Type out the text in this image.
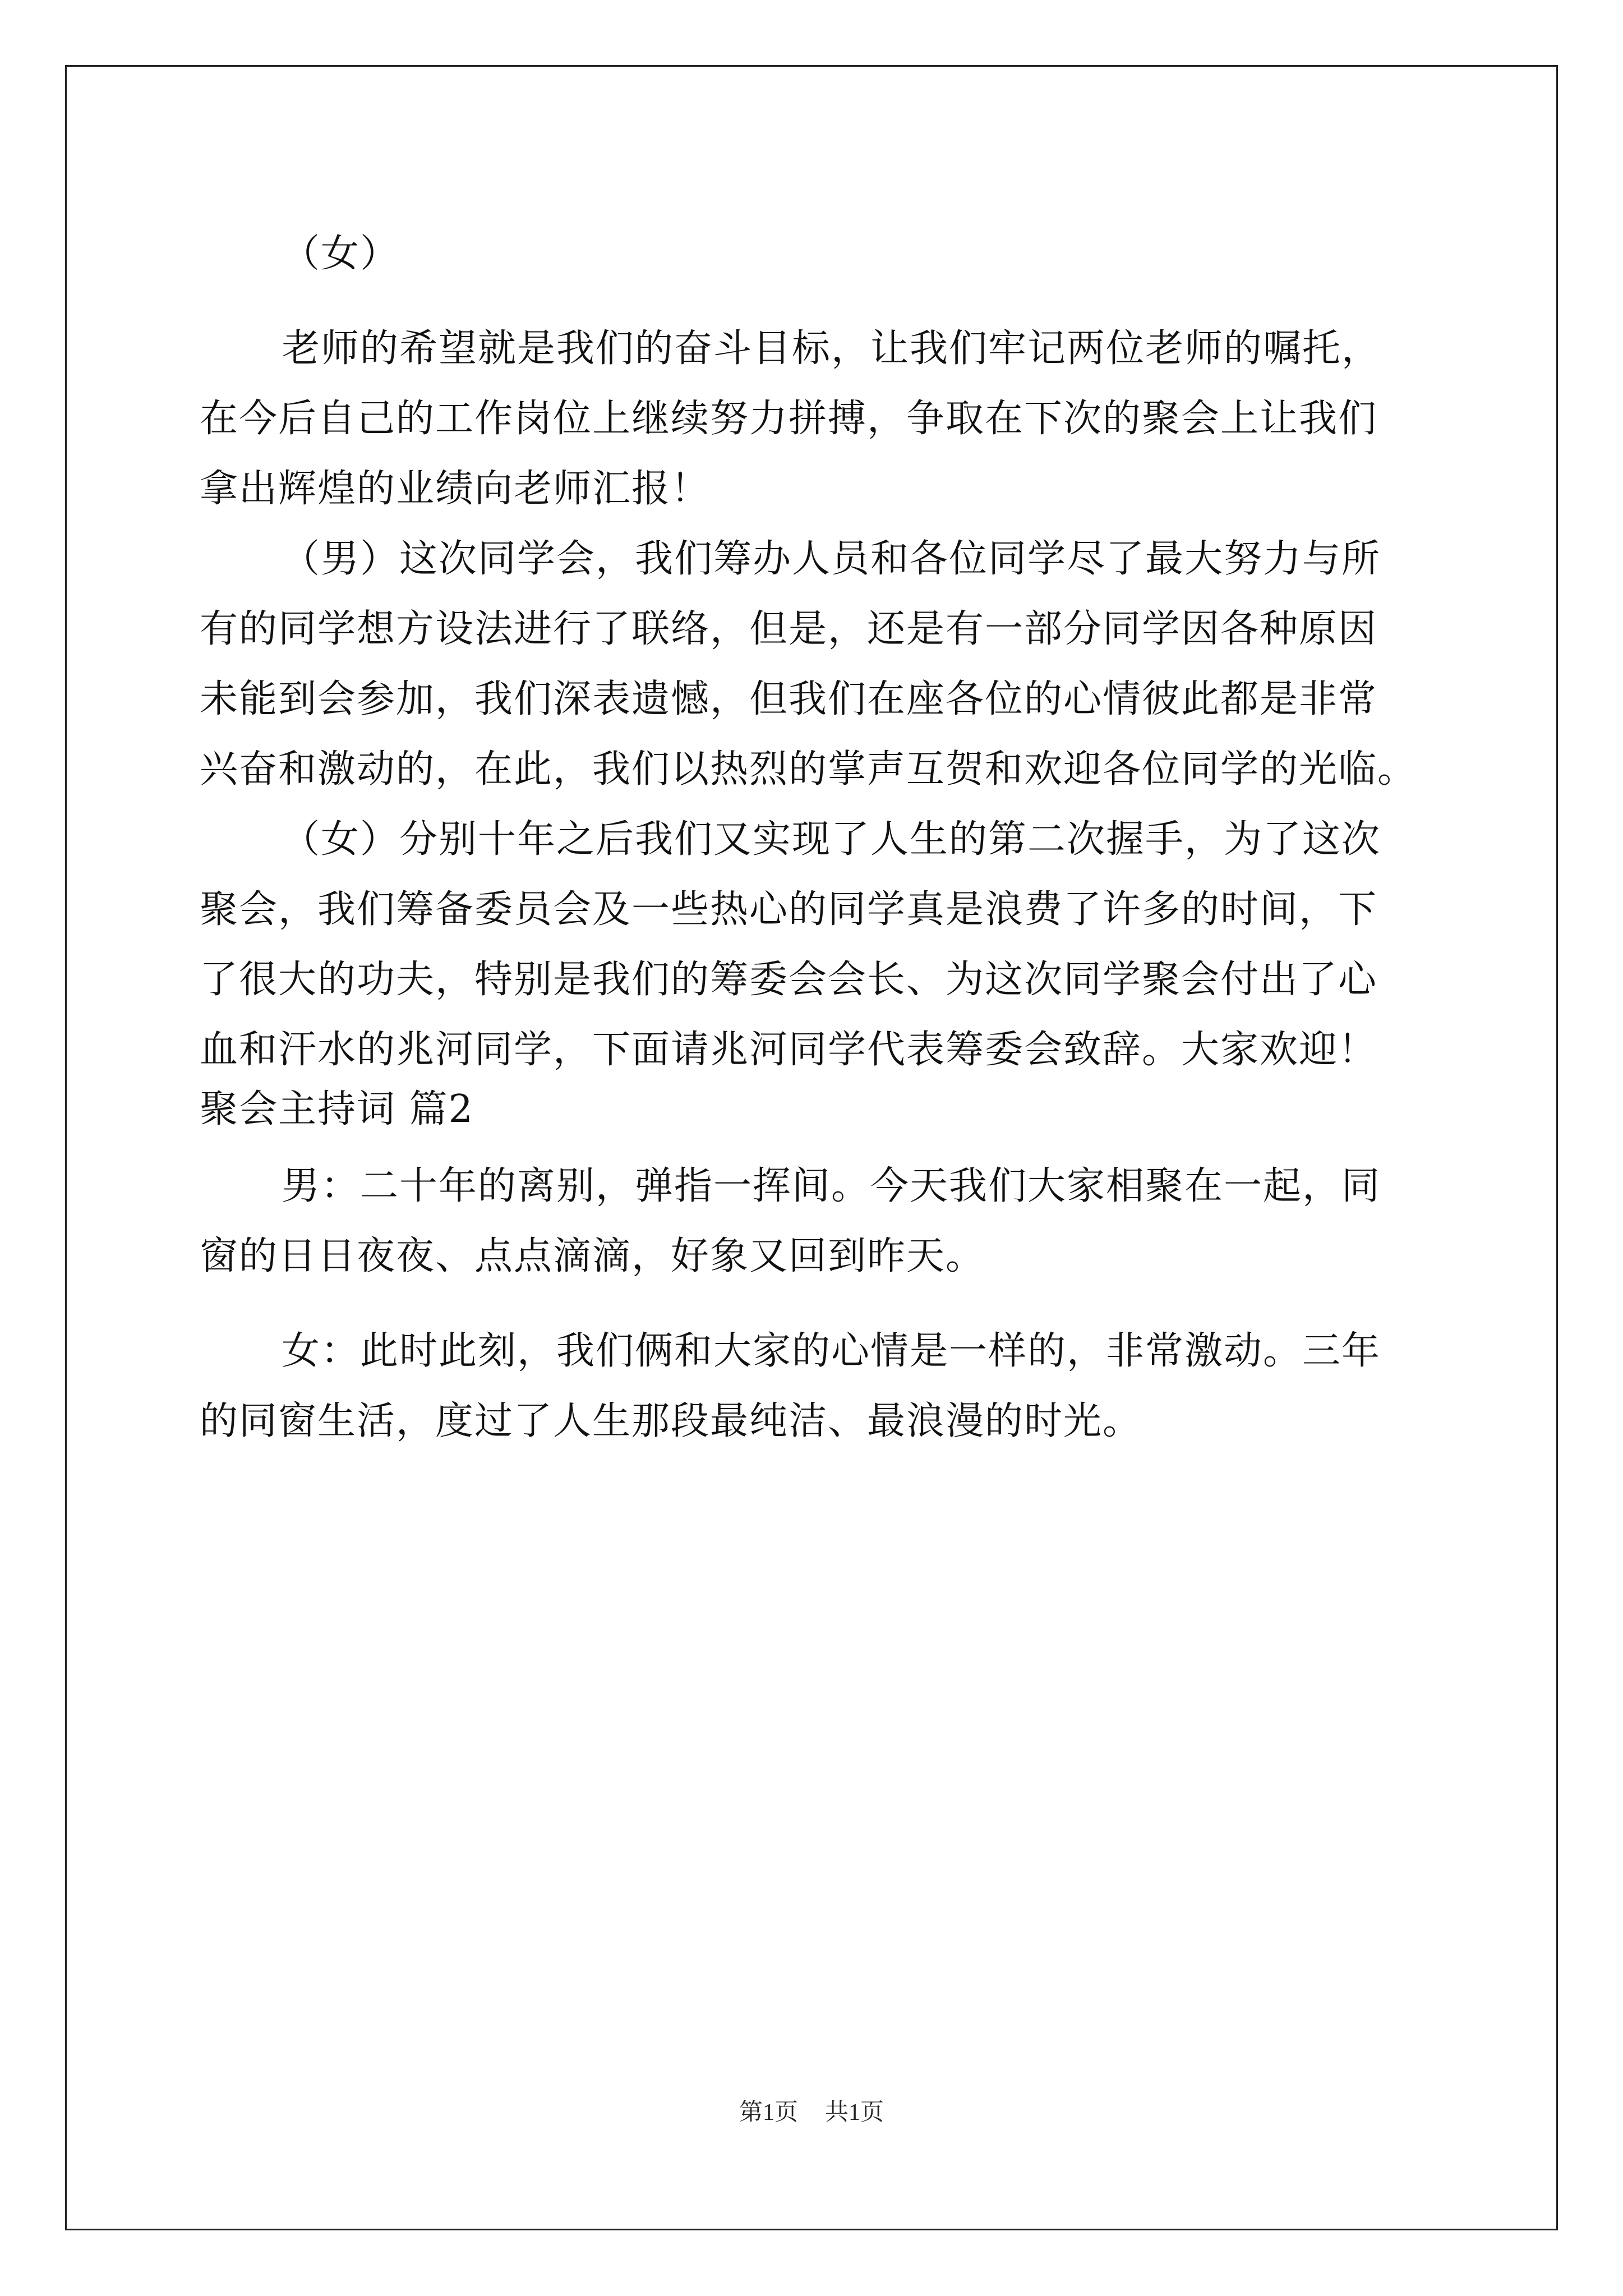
（女）
老师的希望就是我们的奋斗目标，让我们牢记两位老师的嘱托，
在今后自己的工作岗位上继续努力拼搏，争取在下次的聚会上让我们
拿出辉煌的业绩向老师汇报！
（男）这次同学会，我们筹办人员和各位同学尽了最大努力与所
有的同学想方设法进行了联络，但是，还是有一部分同学因各种原因
未能到会参加，我们深表遗憾，但我们在座各位的心情彼此都是非常
兴奋和激动的，在此，我们以热烈的掌声互贺和欢迎各位同学的光临。
（女）分别十年之后我们又实现了人生的第二次握手，为了这次
聚会，我们筹备委员会及一些热心的同学真是浪费了许多的时间，下
了很大的功夫，特别是我们的筹委会会长、为这次同学聚会付出了心
血和汗水的兆河同学，下面请兆河同学代表筹委会致辞。大家欢迎！
聚会主持词 篇2
男：二十年的离别，弹指一挥间。今天我们大家相聚在一起，同
窗的日日夜夜、点点滴滴，好象又回到昨天。
女：此时此刻，我们俩和大家的心情是一样的，非常激动。三年
的同窗生活，度过了人生那段最纯洁、最浪漫的时光。
第1页 共1页
